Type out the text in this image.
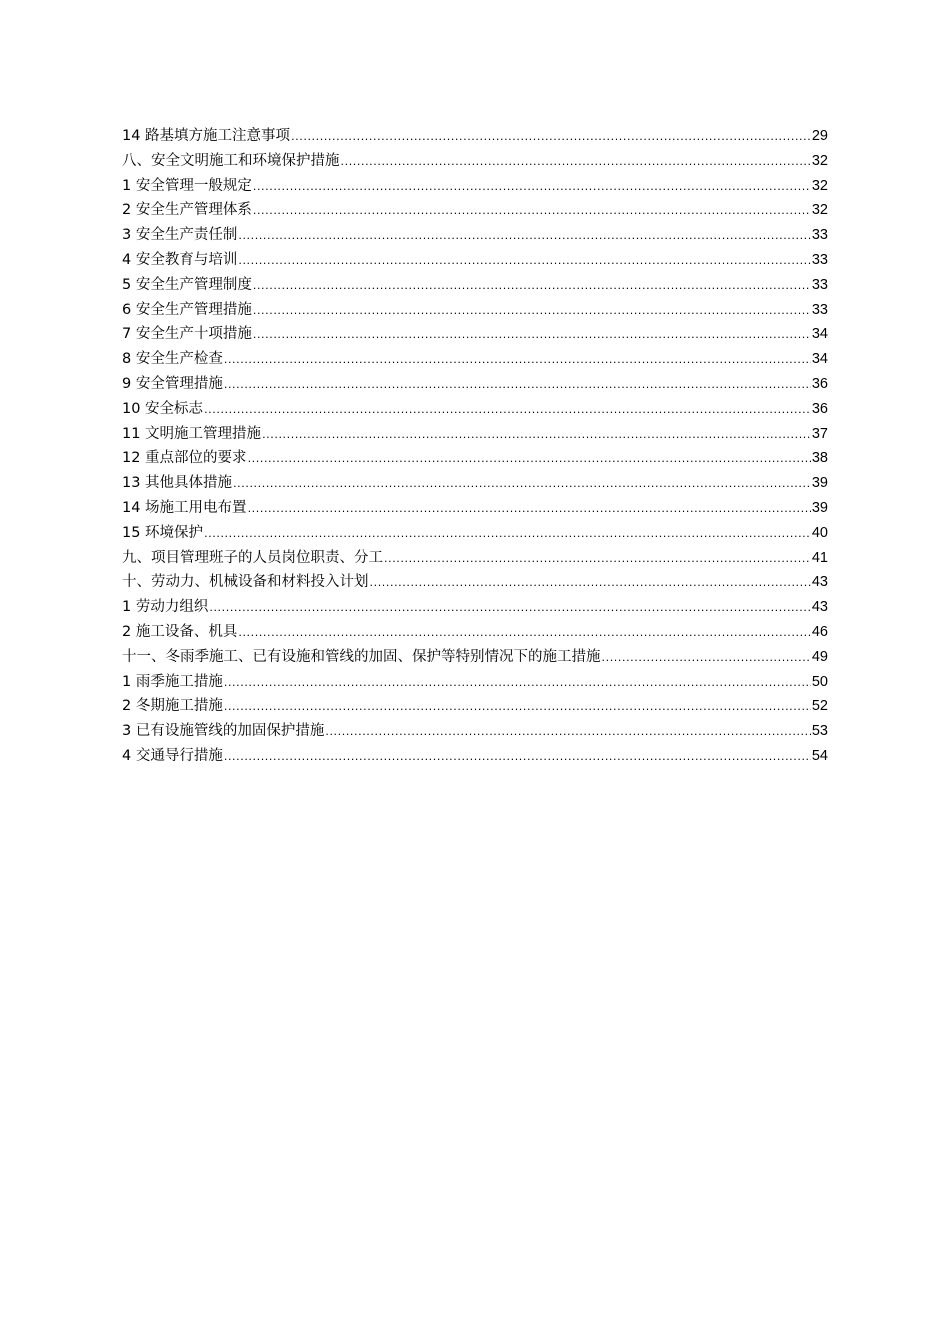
14 路基填方施工注意事项 .....	29
八、安全文明施工和环境保护措施 .....	32
1 安全管理一般规定 .....	32
2 安全生产管理体系 .....	32
3 安全生产责任制 .....	33
4 安全教育与培训 .....	33
5 安全生产管理制度 .....	33
6 安全生产管理措施 .....	33
7 安全生产十项措施 .....	34
8 安全生产检查 .....	34
9 安全管理措施 .....	36
10 安全标志 .....	36
11 文明施工管理措施 .....	37
12 重点部位的要求 .....	38
13 其他具体措施 .....	39
14 场施工用电布置 .....	39
15 环境保护 .....	40
九、项目管理班子的人员岗位职责、分工 .....	41
十、劳动力、机械设备和材料投入计划 .....	43
1 劳动力组织 .....	43
2 施工设备、机具 .....	46
十一、冬雨季施工、已有设施和管线的加固、保护等特别情况下的施工措施 .....	49
1 雨季施工措施 .....	50
2 冬期施工措施 .....	52
3 已有设施管线的加固保护措施 .....	53
4 交通导行措施 .....	54
